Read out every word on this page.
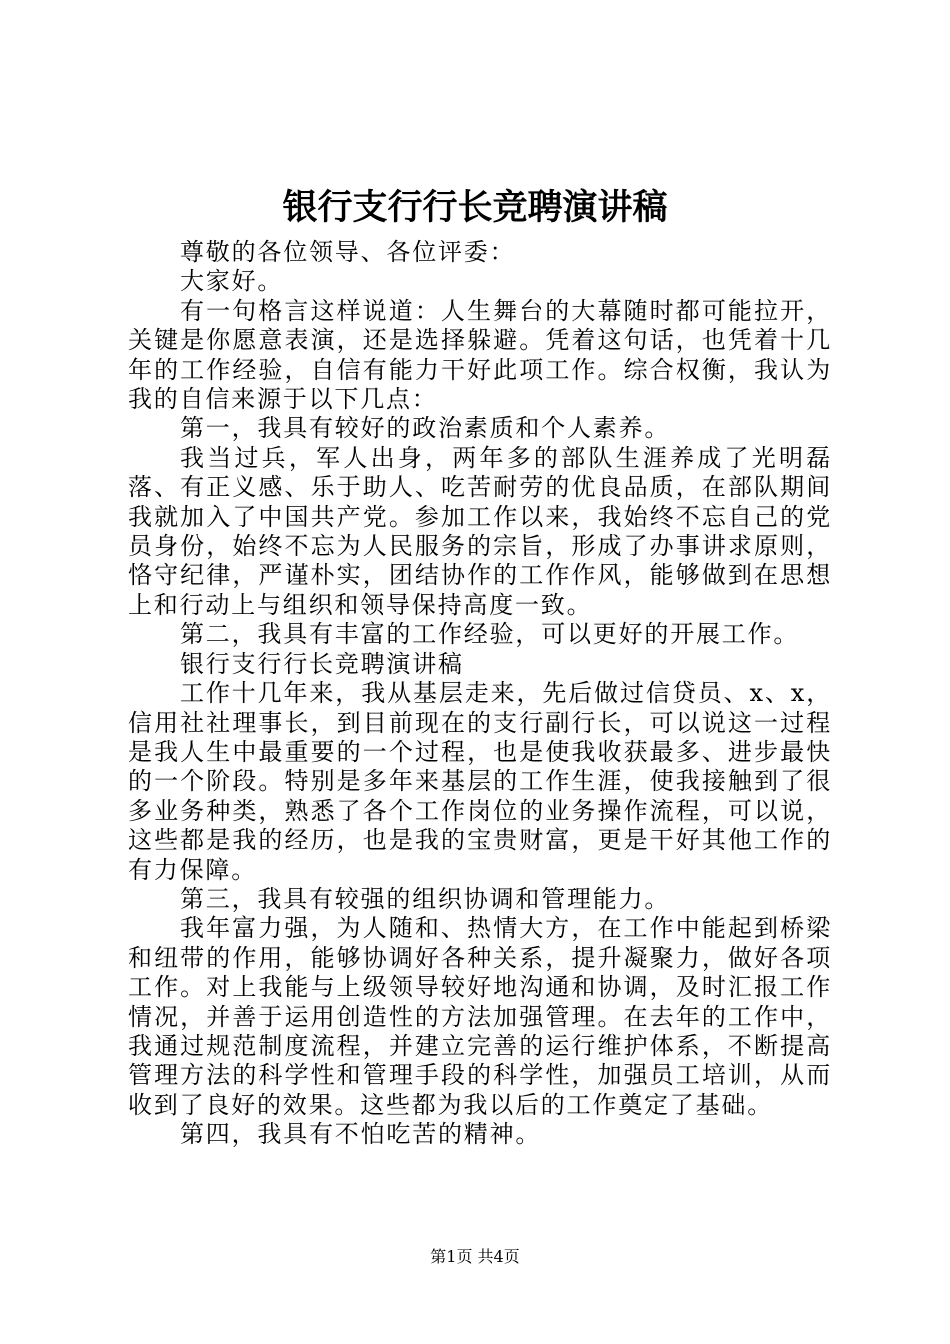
银行支行行长竞聘演讲稿

尊敬的各位领导、各位评委：

大家好。

有一句格言这样说道：人生舞台的大幕随时都可能拉开，关键是你愿意表演，还是选择躲避。凭着这句话，也凭着十几年的工作经验，自信有能力干好此项工作。综合权衡，我认为我的自信来源于以下几点：

第一，我具有较好的政治素质和个人素养。

我当过兵，军人出身，两年多的部队生涯养成了光明磊落、有正义感、乐于助人、吃苦耐劳的优良品质，在部队期间我就加入了中国共产党。参加工作以来，我始终不忘自己的党员身份，始终不忘为人民服务的宗旨，形成了办事讲求原则，恪守纪律，严谨朴实，团结协作的工作作风，能够做到在思想上和行动上与组织和领导保持高度一致。

第二，我具有丰富的工作经验，可以更好的开展工作。

银行支行行长竞聘演讲稿

工作十几年来，我从基层走来，先后做过信贷员、x、x，信用社社理事长，到目前现在的支行副行长，可以说这一过程是我人生中最重要的一个过程，也是使我收获最多、进步最快的一个阶段。特别是多年来基层的工作生涯，使我接触到了很多业务种类，熟悉了各个工作岗位的业务操作流程，可以说，这些都是我的经历，也是我的宝贵财富，更是干好其他工作的有力保障。

第三，我具有较强的组织协调和管理能力。

我年富力强，为人随和、热情大方，在工作中能起到桥梁和纽带的作用，能够协调好各种关系，提升凝聚力，做好各项工作。对上我能与上级领导较好地沟通和协调，及时汇报工作情况，并善于运用创造性的方法加强管理。在去年的工作中，我通过规范制度流程，并建立完善的运行维护体系，不断提高管理方法的科学性和管理手段的科学性，加强员工培训，从而收到了良好的效果。这些都为我以后的工作奠定了基础。

第四，我具有不怕吃苦的精神。

第1页 共4页
